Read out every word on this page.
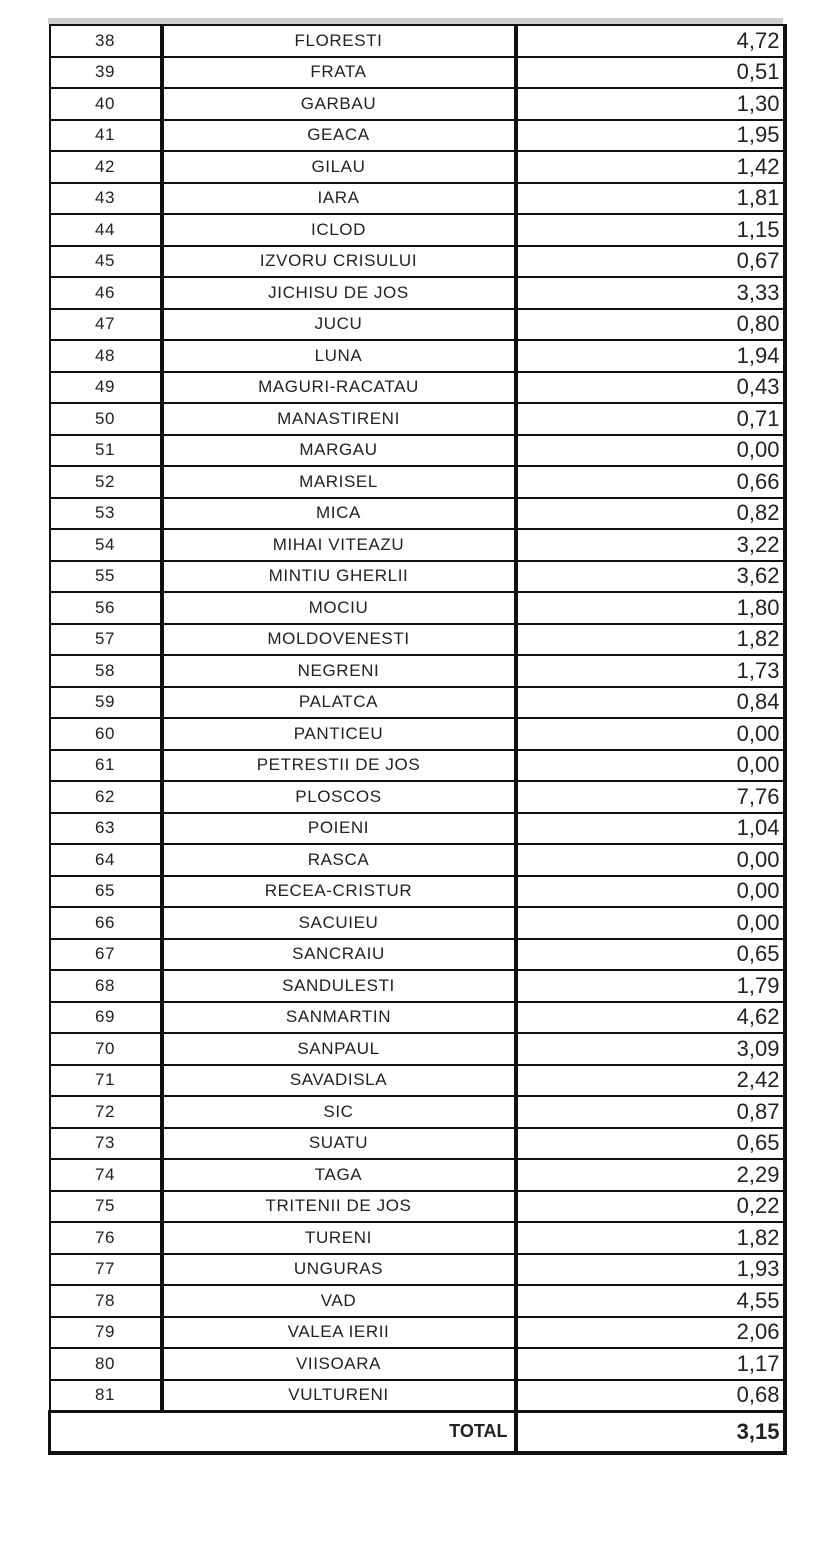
38	FLORESTI	4,72
39	FRATA	0,51
40	GARBAU	1,30
41	GEACA	1,95
42	GILAU	1,42
43	IARA	1,81
44	ICLOD	1,15
45	IZVORU CRISULUI	0,67
46	JICHISU DE JOS	3,33
47	JUCU	0,80
48	LUNA	1,94
49	MAGURI-RACATAU	0,43
50	MANASTIRENI	0,71
51	MARGAU	0,00
52	MARISEL	0,66
53	MICA	0,82
54	MIHAI VITEAZU	3,22
55	MINTIU GHERLII	3,62
56	MOCIU	1,80
57	MOLDOVENESTI	1,82
58	NEGRENI	1,73
59	PALATCA	0,84
60	PANTICEU	0,00
61	PETRESTII DE JOS	0,00
62	PLOSCOS	7,76
63	POIENI	1,04
64	RASCA	0,00
65	RECEA-CRISTUR	0,00
66	SACUIEU	0,00
67	SANCRAIU	0,65
68	SANDULESTI	1,79
69	SANMARTIN	4,62
70	SANPAUL	3,09
71	SAVADISLA	2,42
72	SIC	0,87
73	SUATU	0,65
74	TAGA	2,29
75	TRITENII DE JOS	0,22
76	TURENI	1,82
77	UNGURAS	1,93
78	VAD	4,55
79	VALEA IERII	2,06
80	VIISOARA	1,17
81	VULTURENI	0,68
TOTAL		3,15
